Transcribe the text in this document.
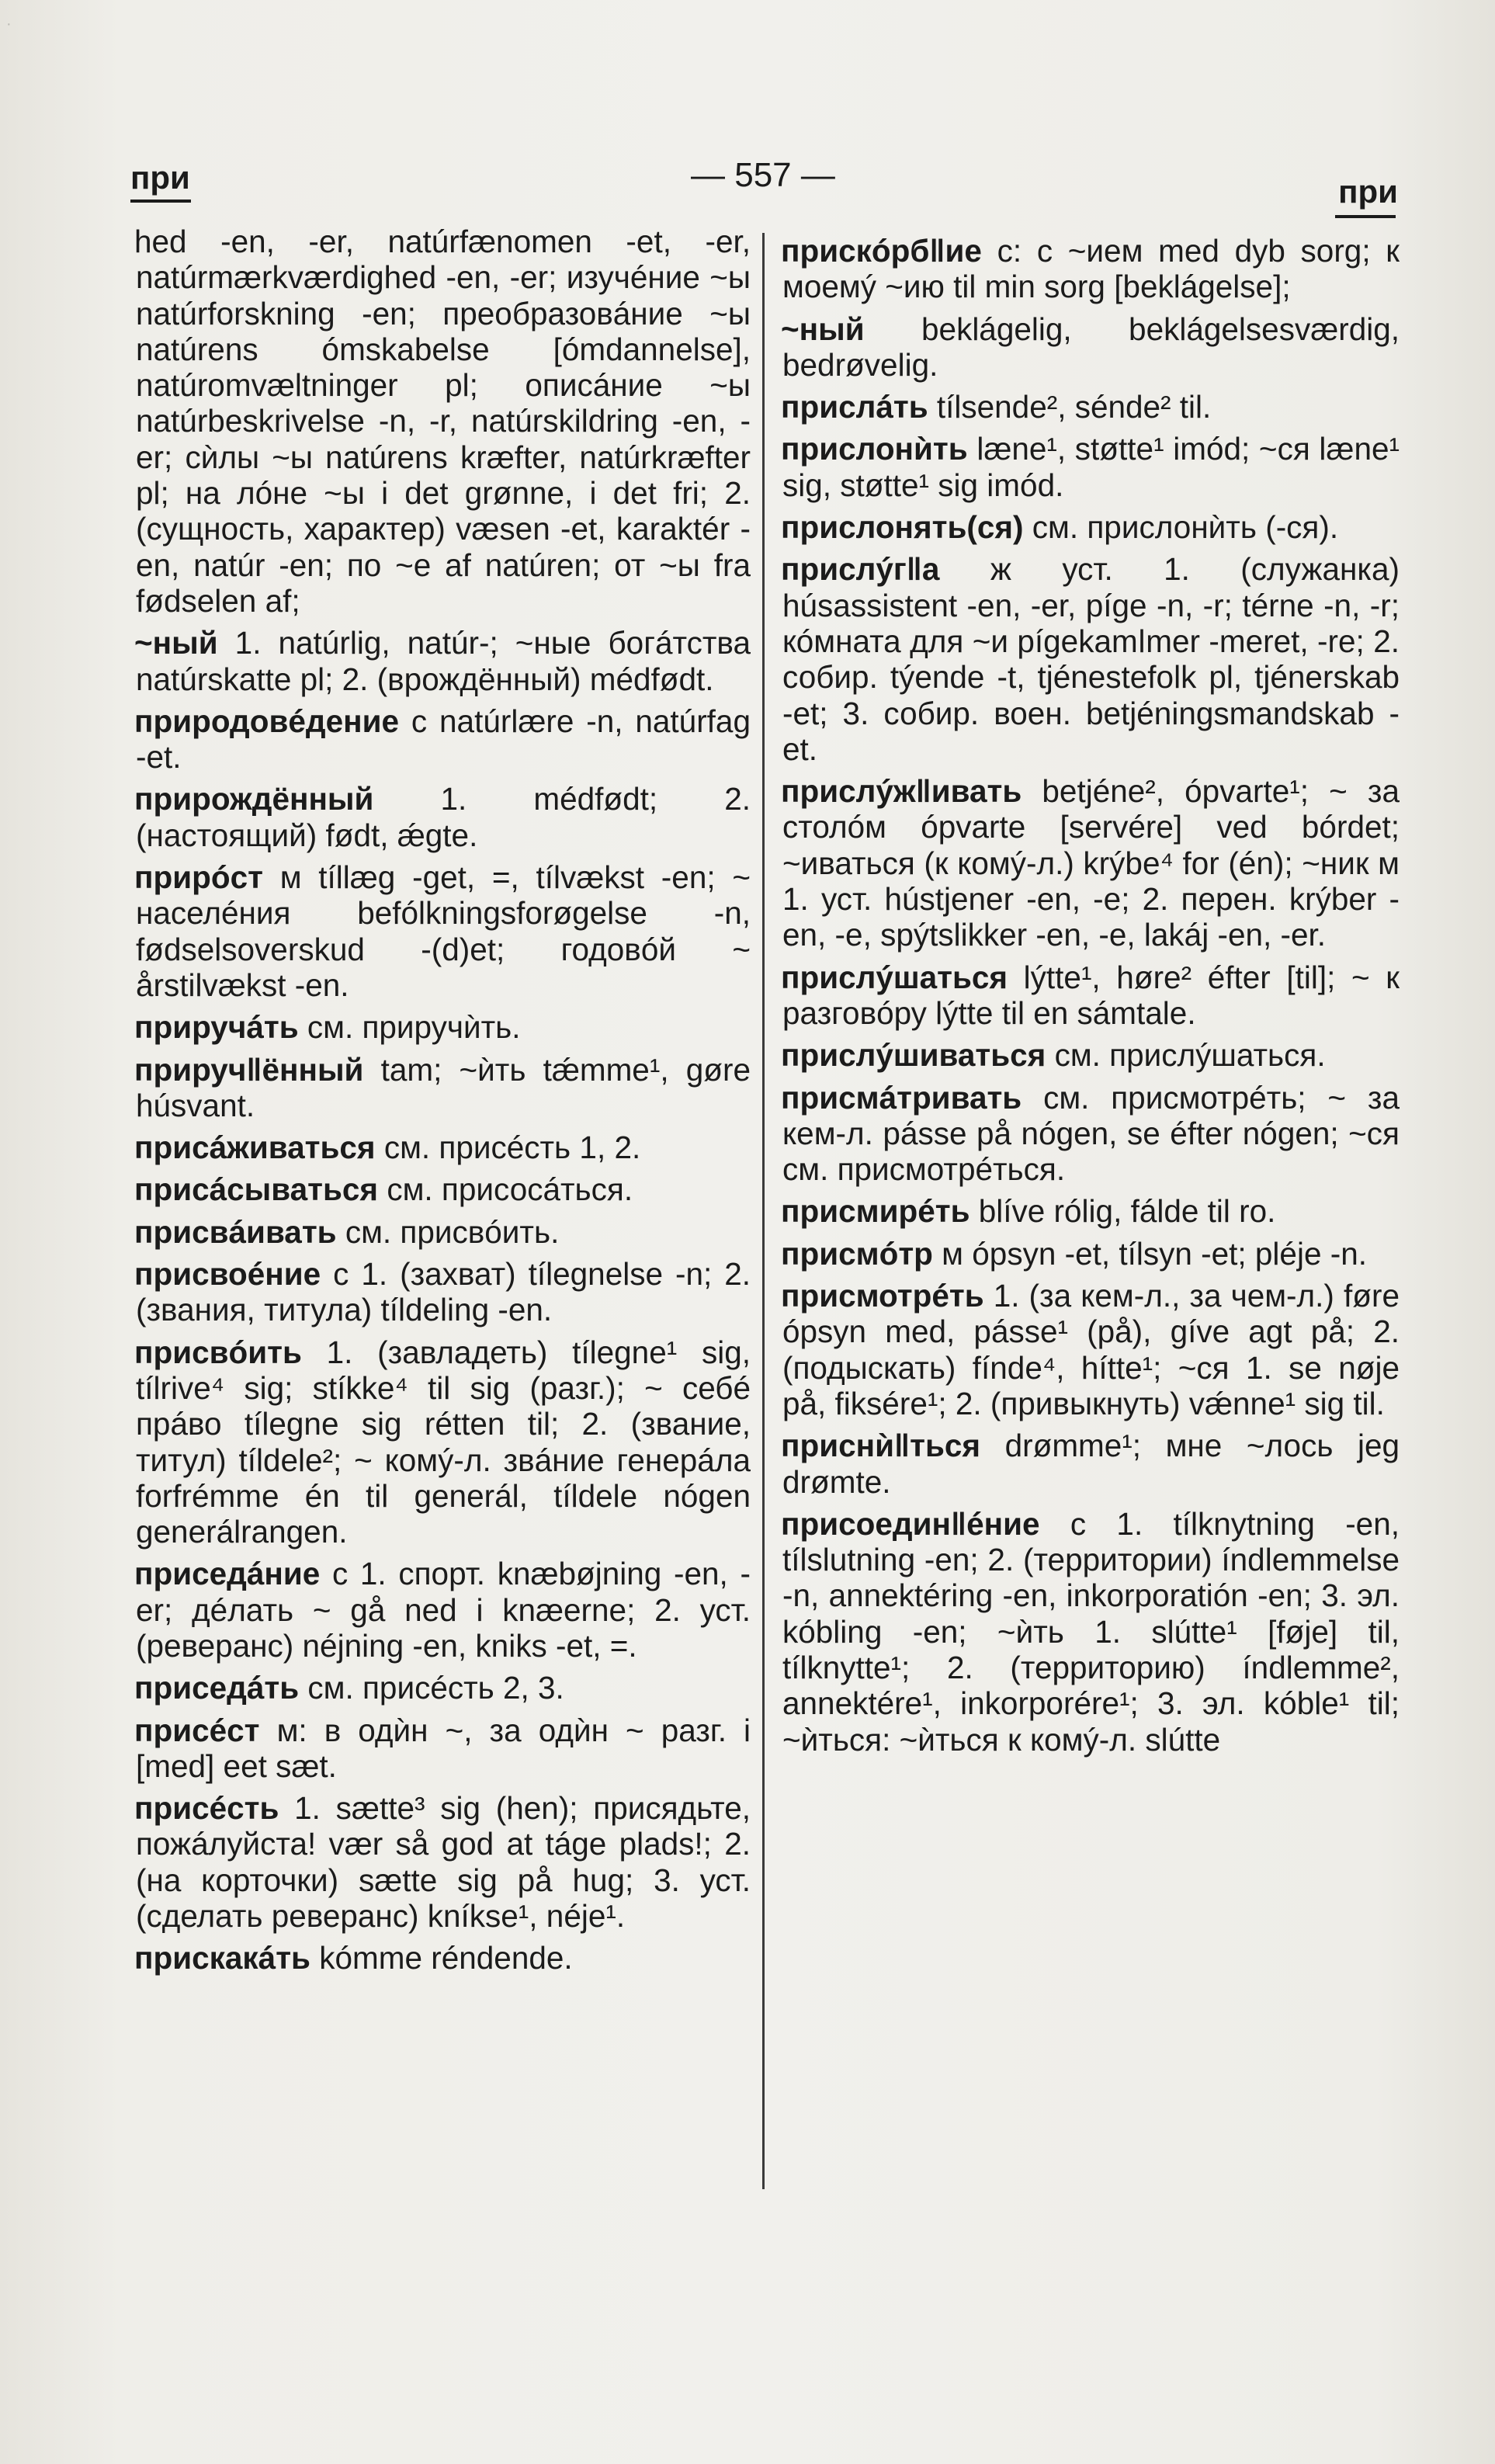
при	— 557 —	при

hed -en, -er, natúrfænomen -et, -er, natúrmærkværdighed -en, -er; изучéние ~ы natúrforskning -en; преобразовáние ~ы natúrens ómskabelse [ómdannelse], natúromvæltninger pl; описáние ~ы natúrbeskrivelse -n, -r, natúrskildring -en, -er; сѝлы ~ы natúrens kræfter, natúrkræfter pl; на лóне ~ы i det grønne, i det fri; 2. (сущность, характер) væsen -et, karaktér -en, natúr -en; по ~е af natúren; от ~ы fra fødselen af;

~ный 1. natúrlig, natúr-; ~ные богáтства natúrskatte pl; 2. (врождённый) médfødt.

природовéдение с natúrlære -n, natúrfag -et.

прирождённый 1. médfødt; 2. (настоящий) født, ǽgte.

прирóст м tíllæg -get, =, tílvækst -en; ~ населéния befólkningsforøgelse -n, fødselsoverskud -(d)et; годовóй ~ årstilvækst -en.

приручáть см. приручѝть.

приручǁённый tam; ~ѝть tǽmme¹, gøre húsvant.

присáживаться см. присéсть 1, 2.

присáсываться см. присосáться.

присвáивать см. присвóить.

присвоéние с 1. (захват) tílegnelse -n; 2. (звания, титула) tíldeling -en.

присвóить 1. (завладеть) tílegne¹ sig, tílrive⁴ sig; stíkke⁴ til sig (разг.); ~ себé прáво tílegne sig rétten til; 2. (звание, титул) tíldele²; ~ комý-л. звáние генерáла forfrémme én til generál, tíldele nógen generálrangen.

приседáние с 1. спорт. knæbøjning -en, -er; дéлать ~ gå ned i knæerne; 2. уст. (реверанс) néjning -en, kniks -et, =.

приседáть см. присéсть 2, 3.

присéст м: в одѝн ~, за одѝн ~ разг. i [med] eet sæt.

присéсть 1. sætte³ sig (hen); присядьте, пожáлуйста! vær så god at táge plads!; 2. (на корточки) sætte sig på hug; 3. уст. (сделать реверанс) kníkse¹, néje¹.

прискакáть kómme réndende.

прискóрбǁие с: с ~ием med dyb sorg; к моемý ~ию til min sorg [beklágelse];

~ный beklágelig, beklágelsesværdig, bedrøvelig.

прислáть tílsende², sénde² til.

прислонѝть læne¹, støtte¹ imód; ~ся læne¹ sig, støtte¹ sig imód.

прислонять(ся) см. прислонѝть (-ся).

прислýгǁа ж уст. 1. (служанка) húsassistent -en, -er, píge -n, -r; térne -n, -r; кóмната для ~и pígekamǀmer -meret, -re; 2. собир. týende -t, tjénestefolk pl, tjénerskab -et; 3. собир. воен. betjéningsmandskab -et.

прислýжǁивать betjéne², ópvarte¹; ~ за столóм ópvarte [servére] ved bórdet; ~иваться (к комý-л.) krýbe⁴ for (én); ~ник м 1. уст. hústjener -en, -e; 2. перен. krýber -en, -e, spýtslikker -en, -e, lakáj -en, -er.

прислýшаться lýtte¹, høre² éfter [til]; ~ к разговóру lýtte til en sámtale.

прислýшиваться см. прислýшаться.

присмáтривать см. присмотрéть; ~ за кем-л. pásse på nógen, se éfter nógen; ~ся см. присмотрéться.

присмирéть blíve rólig, fálde til ro.

присмóтр м ópsyn -et, tílsyn -et; pléje -n.

присмотрéть 1. (за кем-л., за чем-л.) føre ópsyn med, pásse¹ (på), gíve agt på; 2. (подыскать) fínde⁴, hítte¹; ~ся 1. se nøje på, fiksére¹; 2. (привыкнуть) vǽnne¹ sig til.

приснѝǁться drømme¹; мне ~лось jeg drømte.

присоединǁéние с 1. tílknytning -en, tílslutning -en; 2. (территории) índlemmelse -n, annektéring -en, inkorporatión -en; 3. эл. kóbling -en; ~ѝть 1. slútte¹ [føje] til, tílknytte¹; 2. (территорию) índlemme², annektére¹, inkorporére¹; 3. эл. kóble¹ til; ~ѝться: ~ѝться к комý-л. slútte

·
